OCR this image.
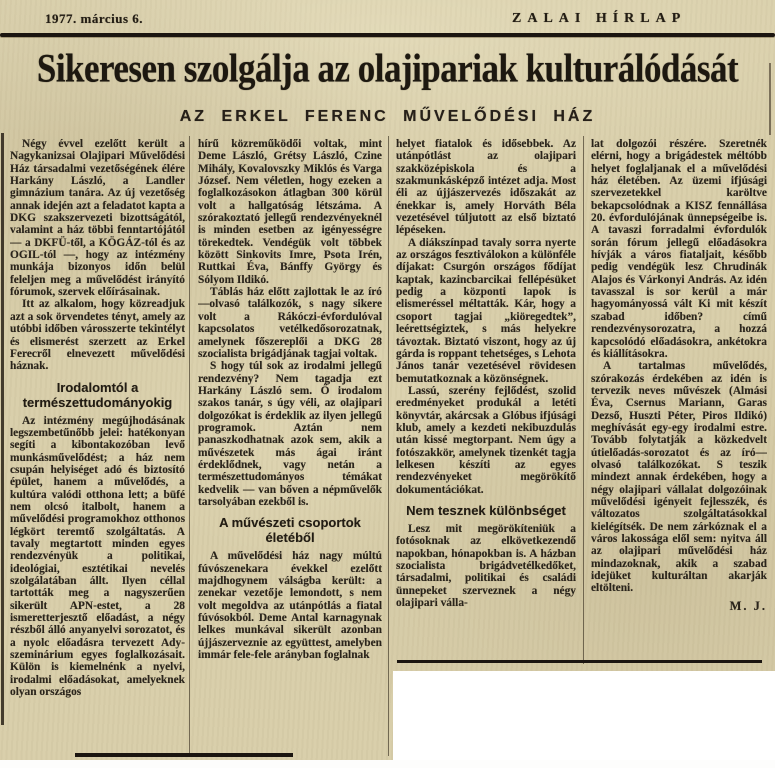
1977. március 6.	ZALAI HÍRLAP
Sikeresen szolgálja az olajipariak kulturálódását
AZ ERKEL FERENC MŰVELŐDÉSI HÁZ

Négy évvel ezelőtt került a Nagykanizsai Olajipari Művelődési Ház társadalmi vezetőségének élére Harkány László, a Landler gimnázium tanára. Az új vezetőség annak idején azt a feladatot kapta a DKG szakszervezeti bizottságától, valamint a ház többi fenntartójától — a DKFÜ-től, a KÖGÁZ-tól és az OGIL-tól —, hogy az intézmény munkája bizonyos időn belül feleljen meg a művelődést irányító fórumok, szervek előírásainak.

Itt az alkalom, hogy közreadjuk azt a sok örvendetes tényt, amely az utóbbi időben városszerte tekintélyt és elismerést szerzett az Erkel Ferecről elnevezett művelődési háznak.

Irodalomtól a természettudományokig

Az intézmény megújhodásának legszembetűnőbb jelei: hatékonyan segíti a kibontakozóban levő munkásművelődést; a ház nem csupán helyiséget adó és biztosító épület, hanem a művelődés, a kultúra valódi otthona lett; a büfé nem olcsó italbolt, hanem a művelődési programokhoz otthonos légkört teremtő szolgáltatás. A tavaly megtartott minden egyes rendezvényük a politikai, ideológiai, esztétikai nevelés szolgálatában állt. Ilyen céllal tartották meg a nagyszerűen sikerült APN-estet, a 28 ismeretterjesztő előadást, a négy részből álló anyanyelvi sorozatot, és a nyolc előadásra tervezett Ady-szeminárium egyes foglalkozásait. Külön is kiemelnénk a nyelvi, irodalmi előadásokat, amelyeknek olyan országos

hírű közreműködői voltak, mint Deme László, Grétsy László, Czine Mihály, Kovalovszky Miklós és Varga József. Nem véletlen, hogy ezeken a foglalkozásokon átlagban 300 körül volt a hallgatóság létszáma. A szórakoztató jellegű rendezvényeknél is minden esetben az igényességre törekedtek. Vendégük volt többek között Sinkovits Imre, Psota Irén, Ruttkai Éva, Bánffy György és Sólyom Ildikó.

Táblás ház előtt zajlottak le az író—olvasó találkozók, s nagy sikere volt a Rákóczi-évfordulóval kapcsolatos vetélkedősorozatnak, amelynek főszereplői a DKG 28 szocialista brigádjának tagjai voltak.

S hogy túl sok az irodalmi jellegű rendezvény? Nem tagadja ezt Harkány László sem. Ő irodalom szakos tanár, s úgy véli, az olajipari dolgozókat is érdeklik az ilyen jellegű programok. Aztán nem panaszkodhatnak azok sem, akik a művészetek más ágai iránt érdeklődnek, vagy netán a természettudományos témákat kedvelik — van bőven a népművelők tarsolyában ezekből is.

A művészeti csoportok életéből

A művelődési ház nagy múltú fúvószenekara évekkel ezelőtt majdhogynem válságba került: a zenekar vezetője lemondott, s nem volt megoldva az utánpótlás a fiatal fúvósokból. Deme Antal karnagynak lelkes munkával sikerült azonban újjászerveznie az együttest, amelyben immár fele-fele arányban foglalnak

helyet fiatalok és idősebbek. Az utánpótlást az olajipari szakközépiskola és a szakmunkásképző intézet adja. Most éli az újjászervezés időszakát az énekkar is, amely Horváth Béla vezetésével túljutott az első biztató lépéseken.

A diákszínpad tavaly sorra nyerte az országos fesztiválokon a különféle díjakat: Csurgón országos fődíjat kaptak, kazincbarcikai fellépésüket pedig a központi lapok is elismeréssel méltatták. Kár, hogy a csoport tagjai „kiöregedtek”, leérettségiztek, s más helyekre távoztak. Biztató viszont, hogy az új gárda is roppant tehetséges, s Lehota János tanár vezetésével rövidesen bemutatkoznak a közönségnek.

Lassú, szerény fejlődést, szolid eredményeket produkál a letéti könyvtár, akárcsak a Glóbus ifjúsági klub, amely a kezdeti nekibuzdulás után kissé megtorpant. Nem úgy a fotószakkör, amelynek tizenkét tagja lelkesen készíti az egyes rendezvényeket megörökítő dokumentációkat.

Nem tesznek különbséget

Lesz mit megörökíteniük a fotósoknak az elkövetkezendő napokban, hónapokban is. A házban szocialista brigádvetélkedőket, társadalmi, politikai és családi ünnepeket szerveznek a négy olajipari válla-

lat dolgozói részére. Szeretnék elérni, hogy a brigádestek méltóbb helyet foglaljanak el a művelődési ház életében. Az üzemi ifjúsági szervezetekkel karöltve bekapcsolódnak a KISZ fennállása 20. évfordulójának ünnepségeibe is. A tavaszi forradalmi évfordulók során fórum jellegű előadásokra hívják a város fiataljait, később pedig vendégük lesz Chrudinák Alajos és Várkonyi András. Az idén tavasszal is sor kerül a már hagyományossá vált Ki mit készít szabad időben? című rendezvénysorozatra, a hozzá kapcsolódó előadásokra, ankétokra és kiállításokra.

A tartalmas művelődés, szórakozás érdekében az idén is tervezik neves művészek (Almási Éva, Csernus Mariann, Garas Dezső, Huszti Péter, Piros Ildikó) meghívását egy-egy irodalmi estre. Tovább folytatják a közkedvelt útielőadás-sorozatot és az író—olvasó találkozókat. S teszik mindezt annak érdekében, hogy a négy olajipari vállalat dolgozóinak művelődési igényeit fejlesszék, és változatos szolgáltatásokkal kielégítsék. De nem zárkóznak el a város lakossága elől sem: nyitva áll az olajipari művelődési ház mindazoknak, akik a szabad idejüket kulturáltan akarják eltölteni.

M. J.
